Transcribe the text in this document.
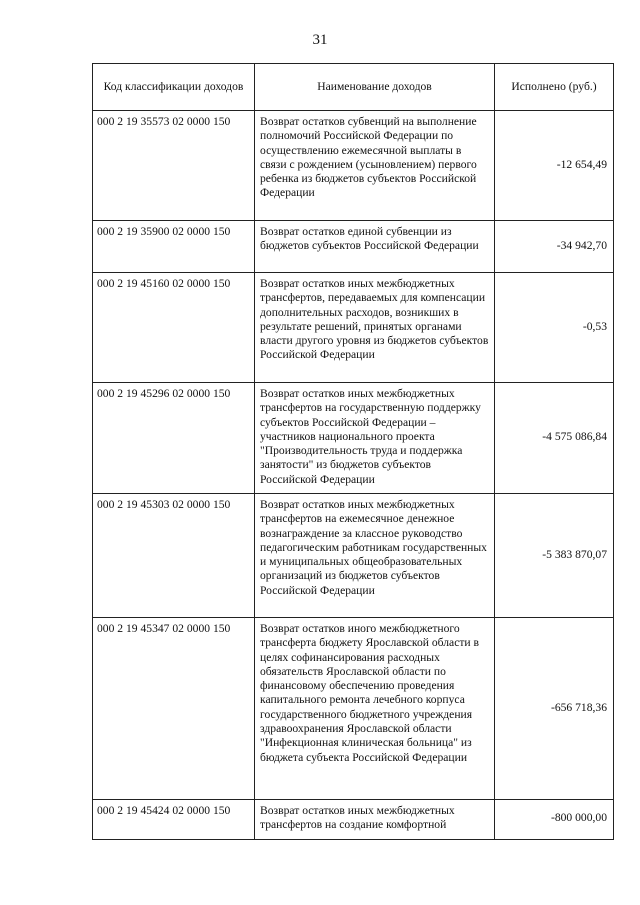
31
Код классификации доходов	Наименование доходов	Исполнено (руб.)
000 2 19 35573 02 0000 150	Возврат остатков субвенций на выполнение полномочий Российской Федерации по осуществлению ежемесячной выплаты в связи с рождением (усыновлением) первого ребенка из бюджетов субъектов Российской Федерации	-12 654,49
000 2 19 35900 02 0000 150	Возврат остатков единой субвенции из бюджетов субъектов Российской Федерации	-34 942,70
000 2 19 45160 02 0000 150	Возврат остатков иных межбюджетных трансфертов, передаваемых для компенсации дополнительных расходов, возникших в результате решений, принятых органами власти другого уровня из бюджетов субъектов Российской Федерации	-0,53
000 2 19 45296 02 0000 150	Возврат остатков иных межбюджетных трансфертов на государственную поддержку субъектов Российской Федерации – участников национального проекта "Производительность труда и поддержка занятости" из бюджетов субъектов Российской Федерации	-4 575 086,84
000 2 19 45303 02 0000 150	Возврат остатков иных межбюджетных трансфертов на ежемесячное денежное вознаграждение за классное руководство педагогическим работникам государственных и муниципальных общеобразовательных организаций из бюджетов субъектов Российской Федерации	-5 383 870,07
000 2 19 45347 02 0000 150	Возврат остатков иного межбюджетного трансферта бюджету Ярославской области в целях софинансирования расходных обязательств Ярославской области по финансовому обеспечению проведения капитального ремонта лечебного корпуса государственного бюджетного учреждения здравоохранения Ярославской области "Инфекционная клиническая больница" из бюджета субъекта Российской Федерации	-656 718,36
000 2 19 45424 02 0000 150	Возврат остатков иных межбюджетных трансфертов на создание комфортной	-800 000,00
